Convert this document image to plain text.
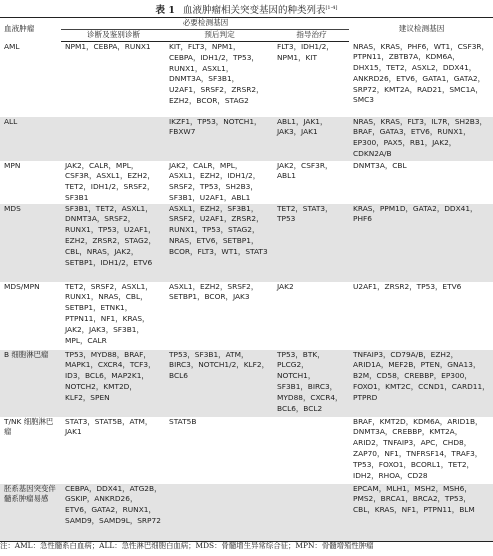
表 1 血液肿瘤相关突变基因的种类列表[1-4]
血液肿瘤	必要检测基因			建议检测基因
	诊断及鉴别诊断	预后判定	指导治疗	
AML	NPM1，CEBPA，RUNX1	KIT，FLT3，NPM1，CEBPA，IDH1/2，TP53，RUNX1，ASXL1，DNMT3A，SF3B1，U2AF1，SRSF2，ZRSR2，EZH2，BCOR，STAG2	FLT3，IDH1/2，NPM1，KIT	NRAS，KRAS，PHF6，WT1，CSF3R，PTPN11，ZBTB7A，KDM6A，DHX15，TET2，ASXL2，DDX41，ANKRD26，ETV6，GATA1，GATA2，SRP72，KMT2A，RAD21，SMC1A，SMC3
ALL		IKZF1，TP53，NOTCH1，FBXW7	ABL1，JAK1，JAK3，JAK1	NRAS，KRAS，FLT3，IL7R，SH2B3，BRAF，GATA3，ETV6，RUNX1，EP300，PAX5，RB1，JAK2，CDKN2A/B
MPN	JAK2，CALR，MPL，CSF3R，ASXL1，EZH2，TET2，IDH1/2，SRSF2，SF3B1	JAK2，CALR，MPL，ASXL1，EZH2，IDH1/2，SRSF2，TP53，SH2B3，SF3B1，U2AF1，ABL1	JAK2，CSF3R，ABL1	DNMT3A，CBL
MDS	SF3B1，TET2，ASXL1，DNMT3A，SRSF2，RUNX1，TP53，U2AF1，EZH2，ZRSR2，STAG2，CBL，NRAS，JAK2，SETBP1，IDH1/2，ETV6	ASXL1，EZH2，SF3B1，SRSF2，U2AF1，ZRSR2，RUNX1，TP53，STAG2，NRAS，ETV6，SETBP1，BCOR，FLT3，WT1，STAT3	TET2，STAT3，TP53	KRAS，PPM1D，GATA2，DDX41，PHF6
MDS/MPN	TET2，SRSF2，ASXL1，RUNX1，NRAS，CBL，SETBP1，ETNK1，PTPN11，NF1，KRAS，JAK2，JAK3，SF3B1，MPL，CALR	ASXL1，EZH2，SRSF2，SETBP1，BCOR，JAK3	JAK2	U2AF1，ZRSR2，TP53，ETV6
B 细胞淋巴瘤	TP53，MYD88，BRAF，MAPK1，CXCR4，TCF3，ID3，BCL6，MAP2K1，NOTCH2，KMT2D，KLF2，SPEN	TP53，SF3B1，ATM，BIRC3，NOTCH1/2，KLF2，BCL6	TP53，BTK，PLCG2，NOTCH1，SF3B1，BIRC3，MYD88，CXCR4，BCL6，BCL2	TNFAIP3，CD79A/B，EZH2，ARID1A，MEF2B，PTEN，GNA13，B2M，CD58，CREBBP，EP300，FOXO1，KMT2C，CCND1，CARD11，PTPRD
T/NK 细胞淋巴瘤	STAT3，STAT5B，ATM，JAK1	STAT5B		BRAF，KMT2D，KDM6A，ARID1B，DNMT3A，CREBBP，KMT2A，ARID2，TNFAIP3，APC，CHD8，ZAP70，NF1，TNFRSF14，TRAF3，TP53，FOXO1，BCORL1，TET2，IDH2，RHOA，CD28
胚系基因突变伴髓系肿瘤易感	CEBPA，DDX41，ATG2B，GSKIP，ANKRD26，ETV6，GATA2，RUNX1，SAMD9，SAMD9L，SRP72			EPCAM，MLH1，MSH2，MSH6，PMS2，BRCA1，BRCA2，TP53，CBL，KRAS，NF1，PTPN11，BLM
注：AML：急性髓系白血病；ALL：急性淋巴细胞白血病；MDS：骨髓增生异常综合征；MPN：骨髓增殖性肿瘤
